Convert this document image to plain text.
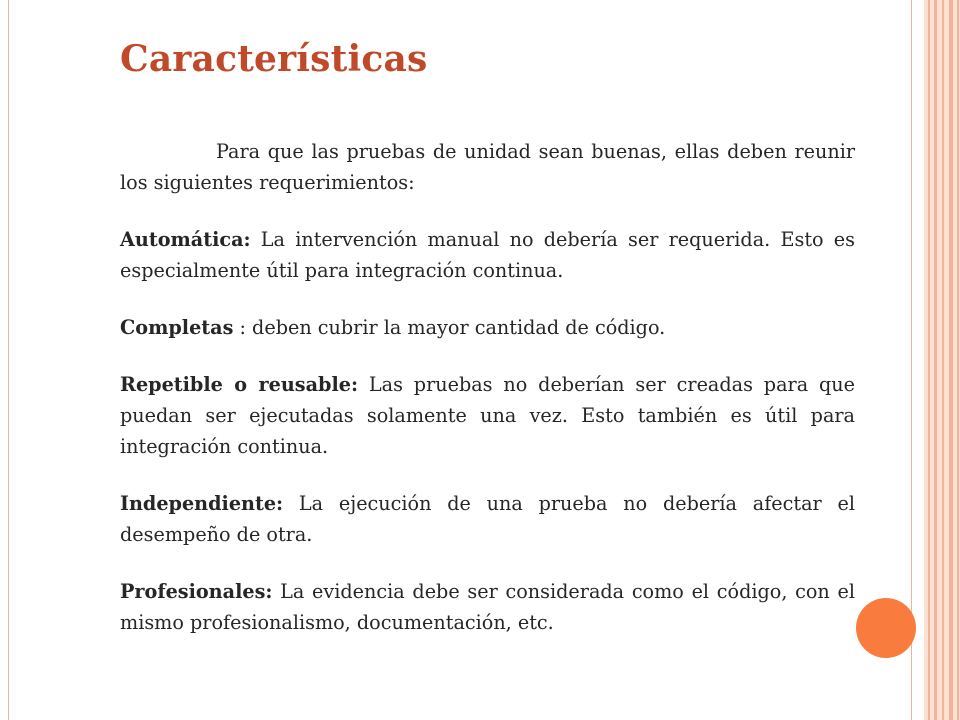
Características

Para que las pruebas de unidad sean buenas, ellas deben reunir los siguientes requerimientos:

Automática: La intervención manual no debería ser requerida. Esto es especialmente útil para integración continua.

Completas : deben cubrir la mayor cantidad de código.

Repetible o reusable: Las pruebas no deberían ser creadas para que puedan ser ejecutadas solamente una vez. Esto también es útil para integración continua.

Independiente: La ejecución de una prueba no debería afectar el desempeño de otra.

Profesionales: La evidencia debe ser considerada como el código, con el mismo profesionalismo, documentación, etc.
